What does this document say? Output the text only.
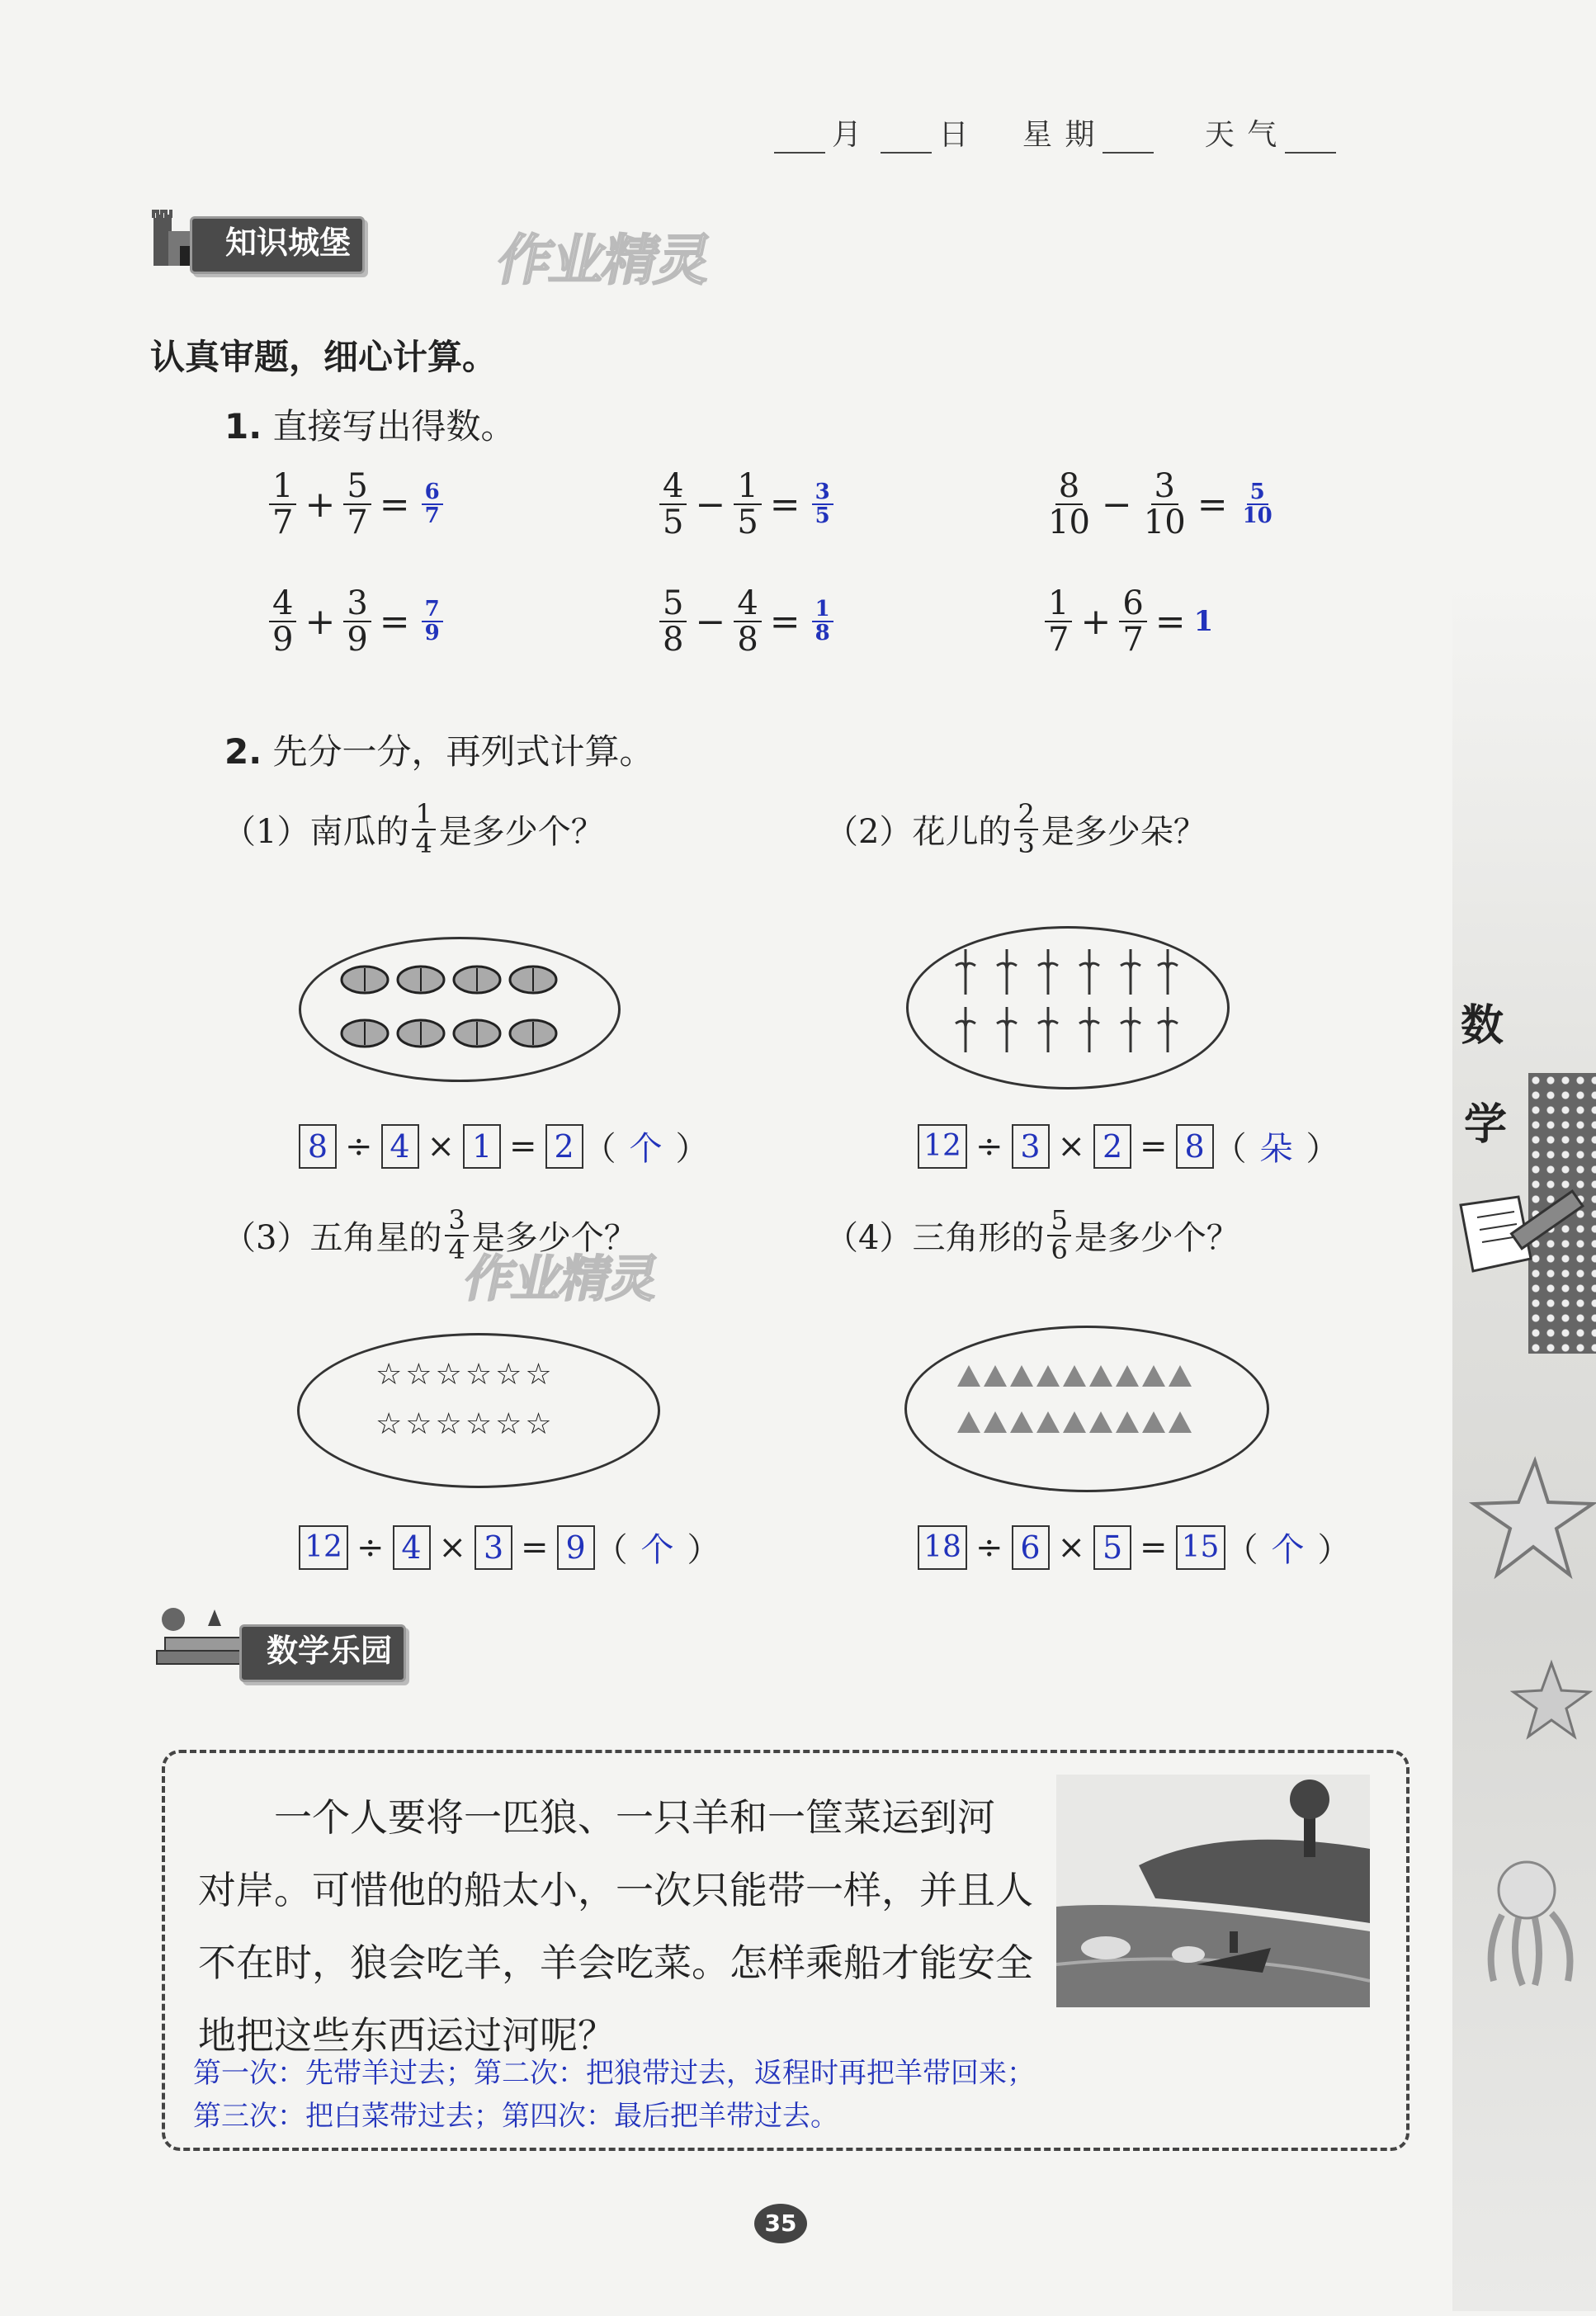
数
学
月	日 星 期	天 气
知识城堡	作业精灵
认真审题，细心计算。
1. 直接写出得数。
$\frac{1}{7} + \frac{5}{7} = \frac{6}{7}$	$\frac{4}{5} - \frac{1}{5} = \frac{3}{5}$	$\frac{8}{10} - \frac{3}{10} = \frac{5}{10}$
$\frac{4}{9} + \frac{3}{9} = \frac{7}{9}$	$\frac{5}{8} - \frac{4}{8} = \frac{1}{8}$	$\frac{1}{7} + \frac{6}{7} = 1$
2. 先分一分，再列式计算。
（1）南瓜的 $\frac{1}{4}$ 是多少个？
8 ÷ 4 × 1 = 2 （ 个 ）
（2）花儿的 $\frac{2}{3}$ 是多少朵？
12 ÷ 3 × 2 = 8 （ 朵 ）
（3）五角星的 $\frac{3}{4}$ 是多少个？
作业精灵
☆☆☆☆☆☆
☆☆☆☆☆☆
12 ÷ 4 × 3 = 9 （ 个 ）
（4）三角形的 $\frac{5}{6}$ 是多少个？
18 ÷ 6 × 5 = 15 （ 个 ）
数学乐园
一个人要将一匹狼、一只羊和一筐菜运到河
对岸。可惜他的船太小，一次只能带一样，并且人
不在时，狼会吃羊，羊会吃菜。怎样乘船才能安全
地把这些东西运过河呢？
第一次：先带羊过去；第二次：把狼带过去，返程时再把羊带回来；
第三次：把白菜带过去；第四次：最后把羊带过去。
35
